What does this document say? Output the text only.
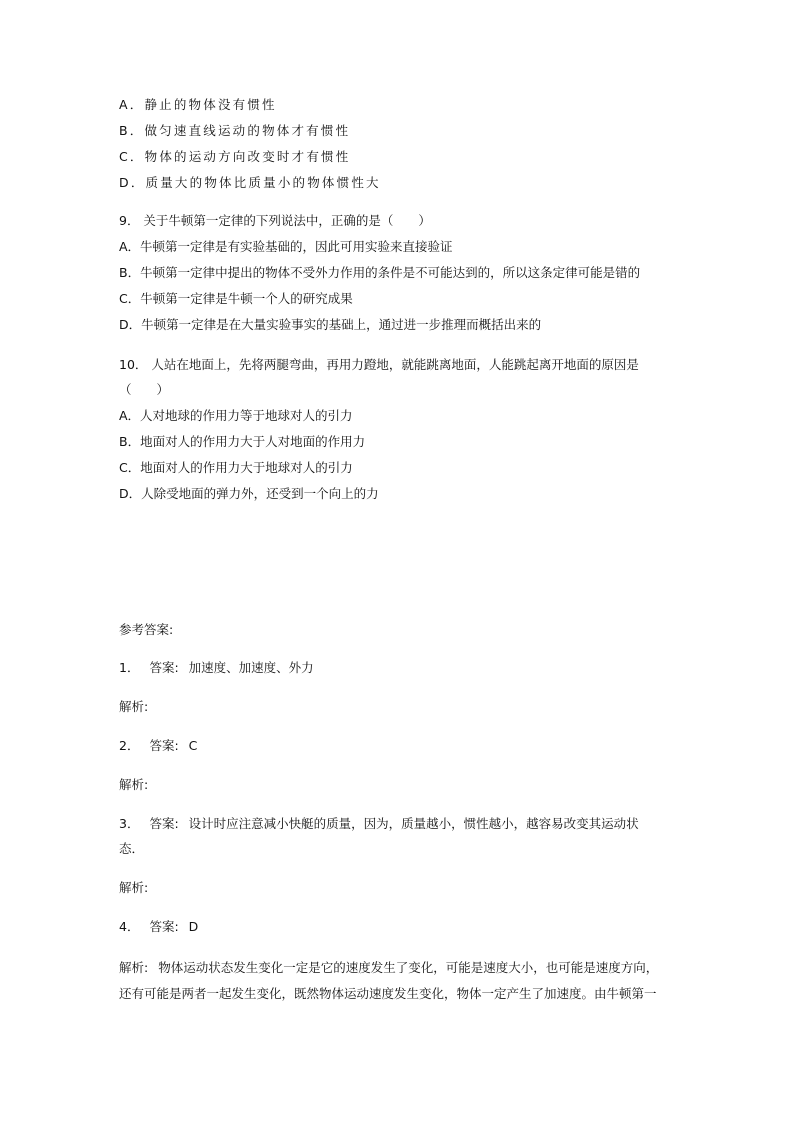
A．静止的物体没有惯性
B．做匀速直线运动的物体才有惯性
C．物体的运动方向改变时才有惯性
D．质量大的物体比质量小的物体惯性大
9． 关于牛顿第一定律的下列说法中，正确的是（　　）
A．牛顿第一定律是有实验基础的，因此可用实验来直接验证
B．牛顿第一定律中提出的物体不受外力作用的条件是不可能达到的，所以这条定律可能是错的
C．牛顿第一定律是牛顿一个人的研究成果
D．牛顿第一定律是在大量实验事实的基础上，通过进一步推理而概括出来的
10． 人站在地面上，先将两腿弯曲，再用力蹬地，就能跳离地面，人能跳起离开地面的原因是
（　　）
A．人对地球的作用力等于地球对人的引力
B．地面对人的作用力大于人对地面的作用力
C．地面对人的作用力大于地球对人的引力
D．人除受地面的弹力外，还受到一个向上的力
参考答案:
1． 答案: 加速度、加速度、外力
解析:
2． 答案: C
解析:
3． 答案: 设计时应注意减小快艇的质量，因为，质量越小，惯性越小，越容易改变其运动状
态．
解析:
4． 答案: D
解析: 物体运动状态发生变化一定是它的速度发生了变化，可能是速度大小，也可能是速度方向，
还有可能是两者一起发生变化，既然物体运动速度发生变化，物体一定产生了加速度。由牛顿第一
